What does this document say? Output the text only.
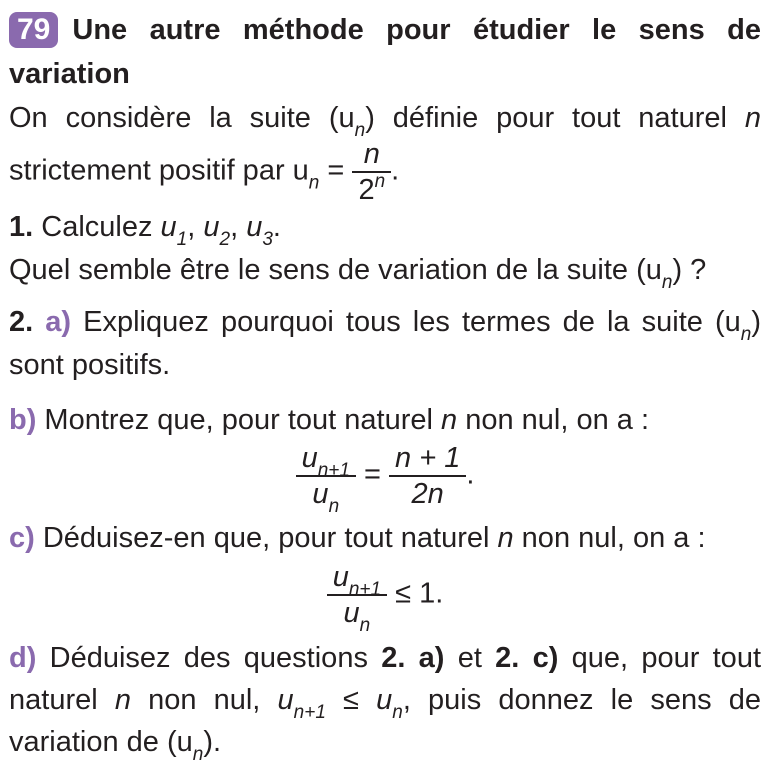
79 Une autre méthode pour étudier le sens de
variation
On considère la suite $(u_n)$ définie pour tout naturel n
strictement positif par $u_n = \frac{n}{2^n}$ .
1. Calculez $u_1$, $u_2$, $u_3$.
Quel semble être le sens de variation de la suite $(u_n)$ ?
2. a) Expliquez pourquoi tous les termes de la suite $(u_n)$
sont positifs.
b) Montrez que, pour tout naturel n non nul, on a :
$\frac{u_{n+1}}{u_n} = \frac{n + 1}{2n}$ .
c) Déduisez-en que, pour tout naturel n non nul, on a :
$\frac{u_{n+1}}{u_n} \le 1$.
d) Déduisez des questions 2. a) et 2. c) que, pour tout
naturel n non nul, $u_{n+1} \le u_n$, puis donnez le sens de
variation de $(u_n)$.
